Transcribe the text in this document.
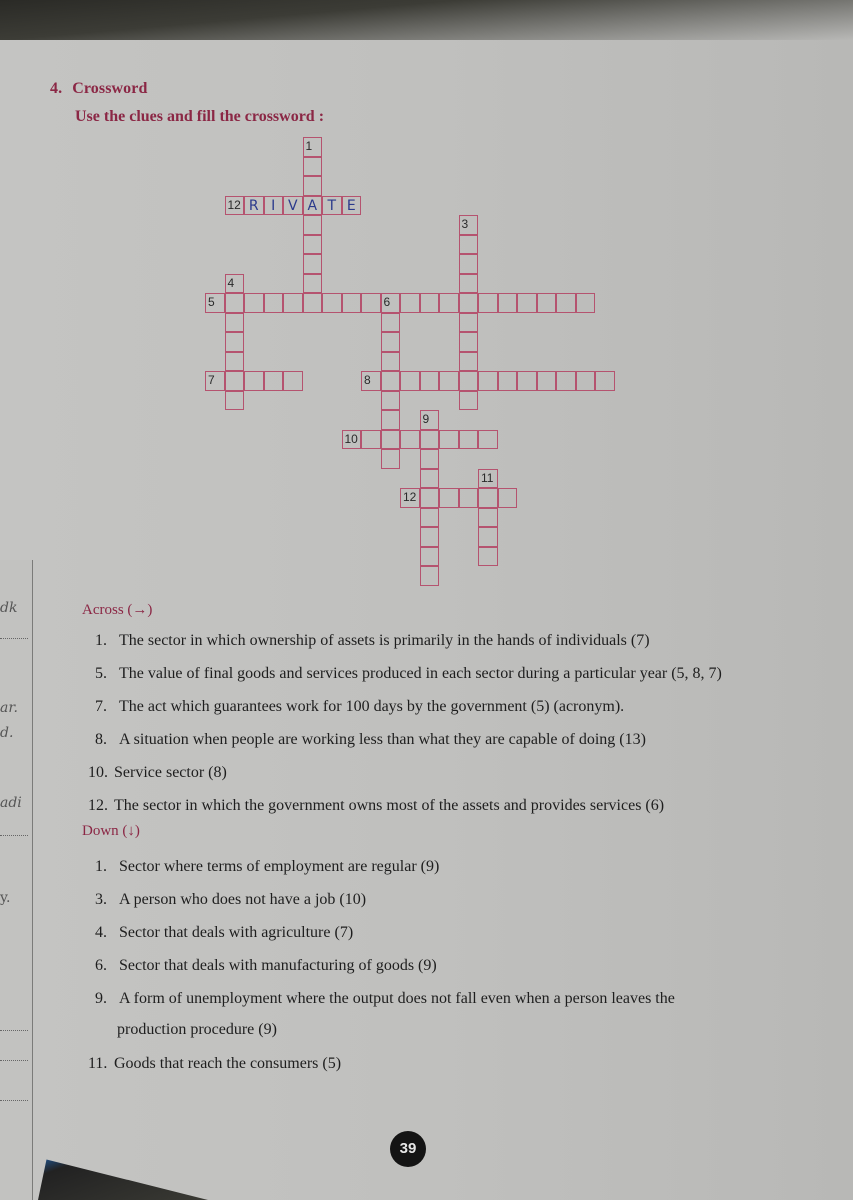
dk
ar.
d.
adi
y.
4. Crossword
Use the clues and fill the crossword :
1
A
12 R I V	T E
3
4
5	6
7	8
9
10
11
12
Across (→)
1. The sector in which ownership of assets is primarily in the hands of individuals (7)
5. The value of final goods and services produced in each sector during a particular year (5, 8, 7)
7. The act which guarantees work for 100 days by the government (5) (acronym).
8. A situation when people are working less than what they are capable of doing (13)
10. Service sector (8)
12. The sector in which the government owns most of the assets and provides services (6)
Down (↓)
1. Sector where terms of employment are regular (9)
3. A person who does not have a job (10)
4. Sector that deals with agriculture (7)
6. Sector that deals with manufacturing of goods (9)
9. A form of unemployment where the output does not fall even when a person leaves the
production procedure (9)
11. Goods that reach the consumers (5)
39
